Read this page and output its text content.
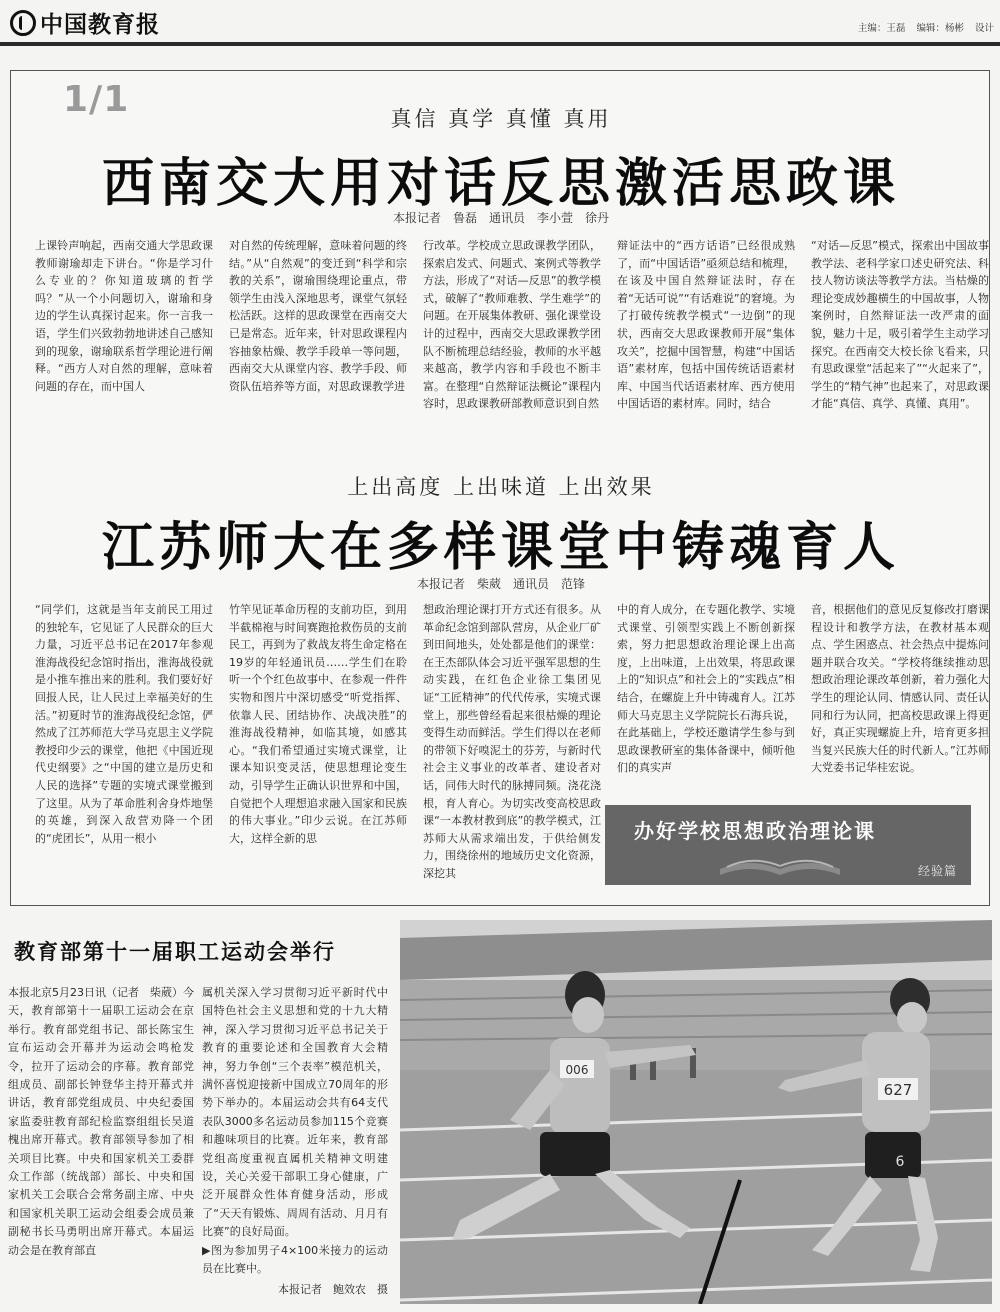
中国教育报	主编：王磊 编辑：杨彬 设计
1/1	真信 真学 真懂 真用
西南交大用对话反思激活思政课
本报记者　鲁磊　通讯员　李小萱　徐丹
上课铃声响起，西南交通大学思政课教师谢瑜却走下讲台。“你是学习什么专业的？你知道玻璃的哲学吗？”从一个小问题切入，谢瑜和身边的学生认真探讨起来。你一言我一语，学生们兴致勃勃地讲述自己感知到的现象，谢瑜联系哲学理论进行阐释。“西方人对自然的理解，意味着问题的存在，而中国人
对自然的传统理解，意味着问题的终结。”从“自然观”的变迁到“科学和宗教的关系”，谢瑜围绕理论重点，带领学生由浅入深地思考，课堂气氛轻松活跃。这样的思政课堂在西南交大已是常态。近年来，针对思政课程内容抽象枯燥、教学手段单一等问题，西南交大从课堂内容、教学手段、师资队伍培养等方面，对思政课教学进
行改革。学校成立思政课教学团队，探索启发式、问题式、案例式等教学方法，形成了“对话—反思”的教学模式，破解了“教师难教、学生难学”的问题。在开展集体教研、强化课堂设计的过程中，西南交大思政课教学团队不断梳理总结经验，教师的水平越来越高，教学内容和手段也不断丰富。在整理“自然辩证法概论”课程内容时，思政课教研部教师意识到自然
辩证法中的“西方话语”已经很成熟了，而“中国话语”亟须总结和梳理，在该及中国自然辩证法时，存在着“无话可说”“有话难说”的窘境。为了打破传统教学模式“一边倒”的现状，西南交大思政课教师开展“集体攻关”，挖掘中国智慧，构建“中国话语”素材库，包括中国传统话语素材库、中国当代话语素材库、西方使用中国话语的素材库。同时，结合
“对话—反思”模式，探索出中国故事教学法、老科学家口述史研究法、科技人物访谈法等教学方法。当枯燥的理论变成妙趣横生的中国故事，人物案例时，自然辩证法一改严肃的面貌，魅力十足，吸引着学生主动学习探究。在西南交大校长徐飞看来，只有思政课堂“活起来了”“火起来了”，学生的“精气神”也起来了，对思政课才能“真信、真学、真懂、真用”。
上出高度 上出味道 上出效果
江苏师大在多样课堂中铸魂育人
本报记者　柴葳　通讯员　范锋
“同学们，这就是当年支前民工用过的独轮车，它见证了人民群众的巨大力量，习近平总书记在2017年参观淮海战役纪念馆时指出，淮海战役就是小推车推出来的胜利。我们要好好回报人民，让人民过上幸福美好的生活。”初夏时节的淮海战役纪念馆，俨然成了江苏师范大学马克思主义学院教授印少云的课堂，他把《中国近现代史纲要》之“中国的建立是历史和人民的选择”专题的实境式课堂搬到了这里。从为了革命胜利舍身炸地堡的英雄，到深入敌营劝降一个团的“虎团长”，从用一根小
竹竿见证革命历程的支前功臣，到用半截棉袍与时间赛跑抢救伤员的支前民工，再到为了救战友将生命定格在19岁的年轻通讯员……学生们在聆听一个个红色故事中、在参观一件件实物和图片中深切感受“听党指挥、依靠人民、团结协作、决战决胜”的淮海战役精神，如临其境，如感其心。“我们希望通过实境式课堂，让课本知识变灵活，使思想理论变生动，引导学生正确认识世界和中国，自觉把个人理想追求融入国家和民族的伟大事业。”印少云说。在江苏师大，这样全新的思
想政治理论课打开方式还有很多。从革命纪念馆到部队营房，从企业厂矿到田间地头，处处都是他们的课堂：在王杰部队体会习近平强军思想的生动实践，在红色企业徐工集团见证“工匠精神”的代代传承，实境式课堂上，那些曾经看起来很枯燥的理论变得生动而鲜活。学生们得以在老师的带领下好嗅泥土的芬芳，与新时代社会主义事业的改革者、建设者对话，同伟大时代的脉搏同频。浇花浇根，育人育心。为切实改变高校思政课“一本教材教到底”的教学模式，江苏师大从需求端出发，于供给侧发力，围绕徐州的地域历史文化资源，深挖其
中的育人成分，在专题化教学、实境式课堂、引领型实践上不断创新探索，努力把思想政治理论课上出高度，上出味道，上出效果，将思政课上的“知识点”和社会上的“实践点”相结合，在螺旋上升中铸魂育人。江苏师大马克思主义学院院长石海兵说，在此基础上，学校还邀请学生参与到思政课教研室的集体备课中，倾听他们的真实声
音，根据他们的意见反复修改打磨课程设计和教学方法，在教材基本观点、学生困惑点、社会热点中提炼问题并联合攻关。“学校将继续推动思想政治理论课改革创新，着力强化大学生的理论认同、情感认同、责任认同和行为认同，把高校思政课上得更好，真正实现螺旋上升，培育更多担当复兴民族大任的时代新人。”江苏师大党委书记华桂宏说。
办好学校思想政治理论课
经验篇
教育部第十一届职工运动会举行
本报北京5月23日讯（记者　柴葳）今天，教育部第十一届职工运动会在京举行。教育部党组书记、部长陈宝生宣布运动会开幕并为运动会鸣枪发令，拉开了运动会的序幕。教育部党组成员、副部长钟登华主持开幕式并讲话，教育部党组成员、中央纪委国家监委驻教育部纪检监察组组长吴道槐出席开幕式。教育部领导参加了相关项目比赛。中央和国家机关工委群众工作部（统战部）部长、中央和国家机关工会联合会常务副主席、中央和国家机关职工运动会组委会成员兼副秘书长马勇明出席开幕式。本届运动会是在教育部直
属机关深入学习贯彻习近平新时代中国特色社会主义思想和党的十九大精神，深入学习贯彻习近平总书记关于教育的重要论述和全国教育大会精神，努力争创“三个表率”模范机关，满怀喜悦迎接新中国成立70周年的形势下举办的。本届运动会共有64支代表队3000多名运动员参加115个竞赛和趣味项目的比赛。近年来，教育部党组高度重视直属机关精神文明建设，关心关爱干部职工身心健康，广泛开展群众性体育健身活动，形成了“天天有锻炼、周周有活动、月月有比赛”的良好局面。
▶图为参加男子4×100米接力的运动员在比赛中。
本报记者　鲍效农　摄
006
627
6
